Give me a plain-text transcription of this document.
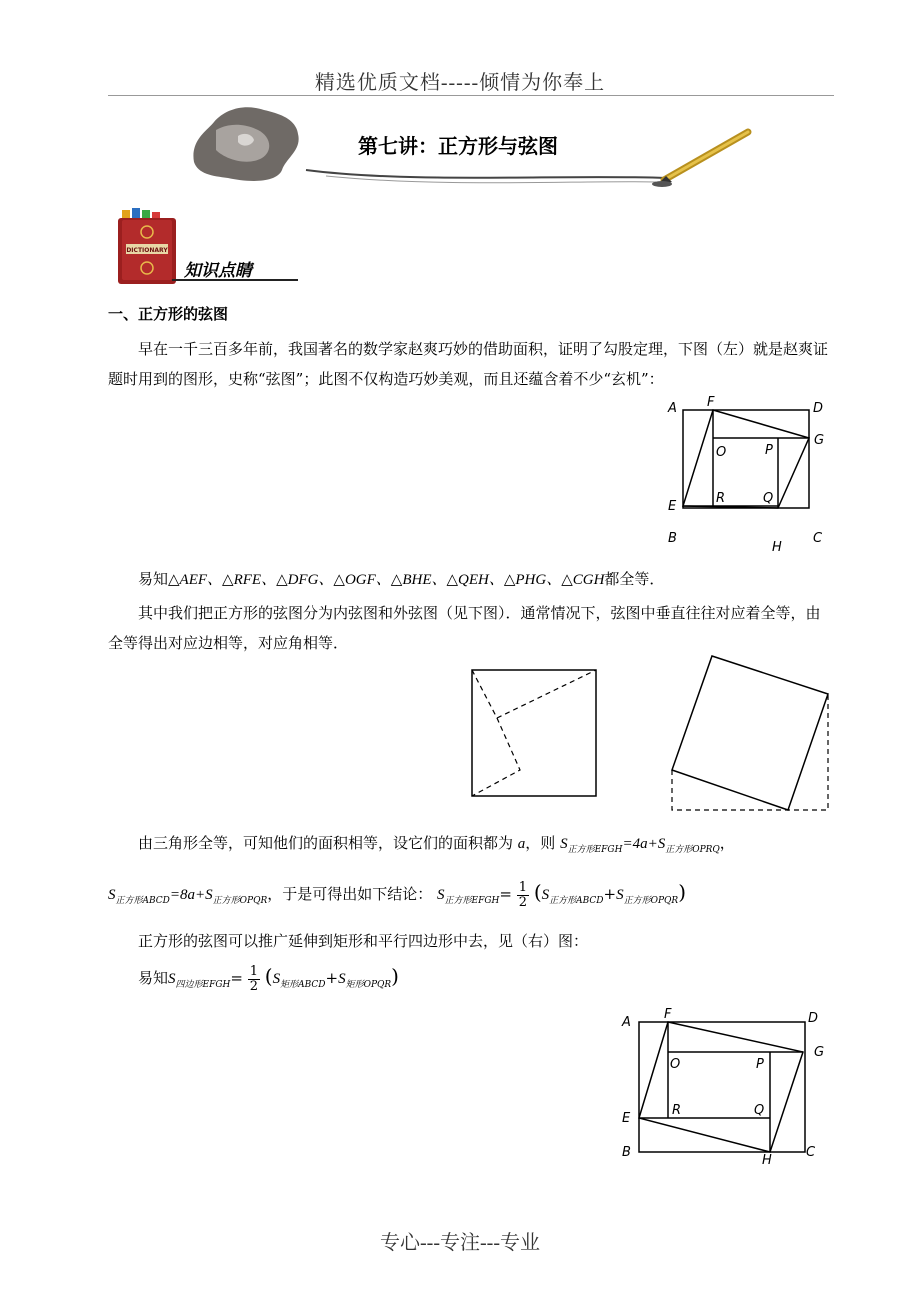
精选优质文档-----倾情为你奉上
第七讲：正方形与弦图
DICTIONARY
知识点睛
一、正方形的弦图

早在一千三百多年前，我国著名的数学家赵爽巧妙的借助面积，证明了勾股定理，下图（左）就是赵爽证题时用到的图形，史称“弦图”；此图不仅构造巧妙美观，而且还蕴含着不少“玄机”：

A F	D
O	P
G
E
R	Q
B
H
C
易知△AEF、△RFE、△DFG、△OGF、△BHE、△QEH、△PHG、△CGH都全等．

其中我们把正方形的弦图分为内弦图和外弦图（见下图）．通常情况下，弦图中垂直往往对应着全等，由全等得出对应边相等，对应角相等．

由三角形全等，可知他们的面积相等，设它们的面积都为 a，则 $S_{正方形EFGH}=4a+S_{正方形OPRQ}$，
$S_{正方形ABCD}=8a+S_{正方形OPQR}$，于是可得出如下结论： $S_{正方形EFGH}= \frac{1}{2} (S_{正方形ABCD}+S_{正方形OPQR})$
正方形的弦图可以推广延伸到矩形和平行四边形中去，见（右）图：
易知$S_{四边形EFGH}= \frac{1}{2} (S_{矩形ABCD}+S_{矩形OPQR})$
A
F	D
O	P
G
E
R	Q
B
H
C
专心---专注---专业
